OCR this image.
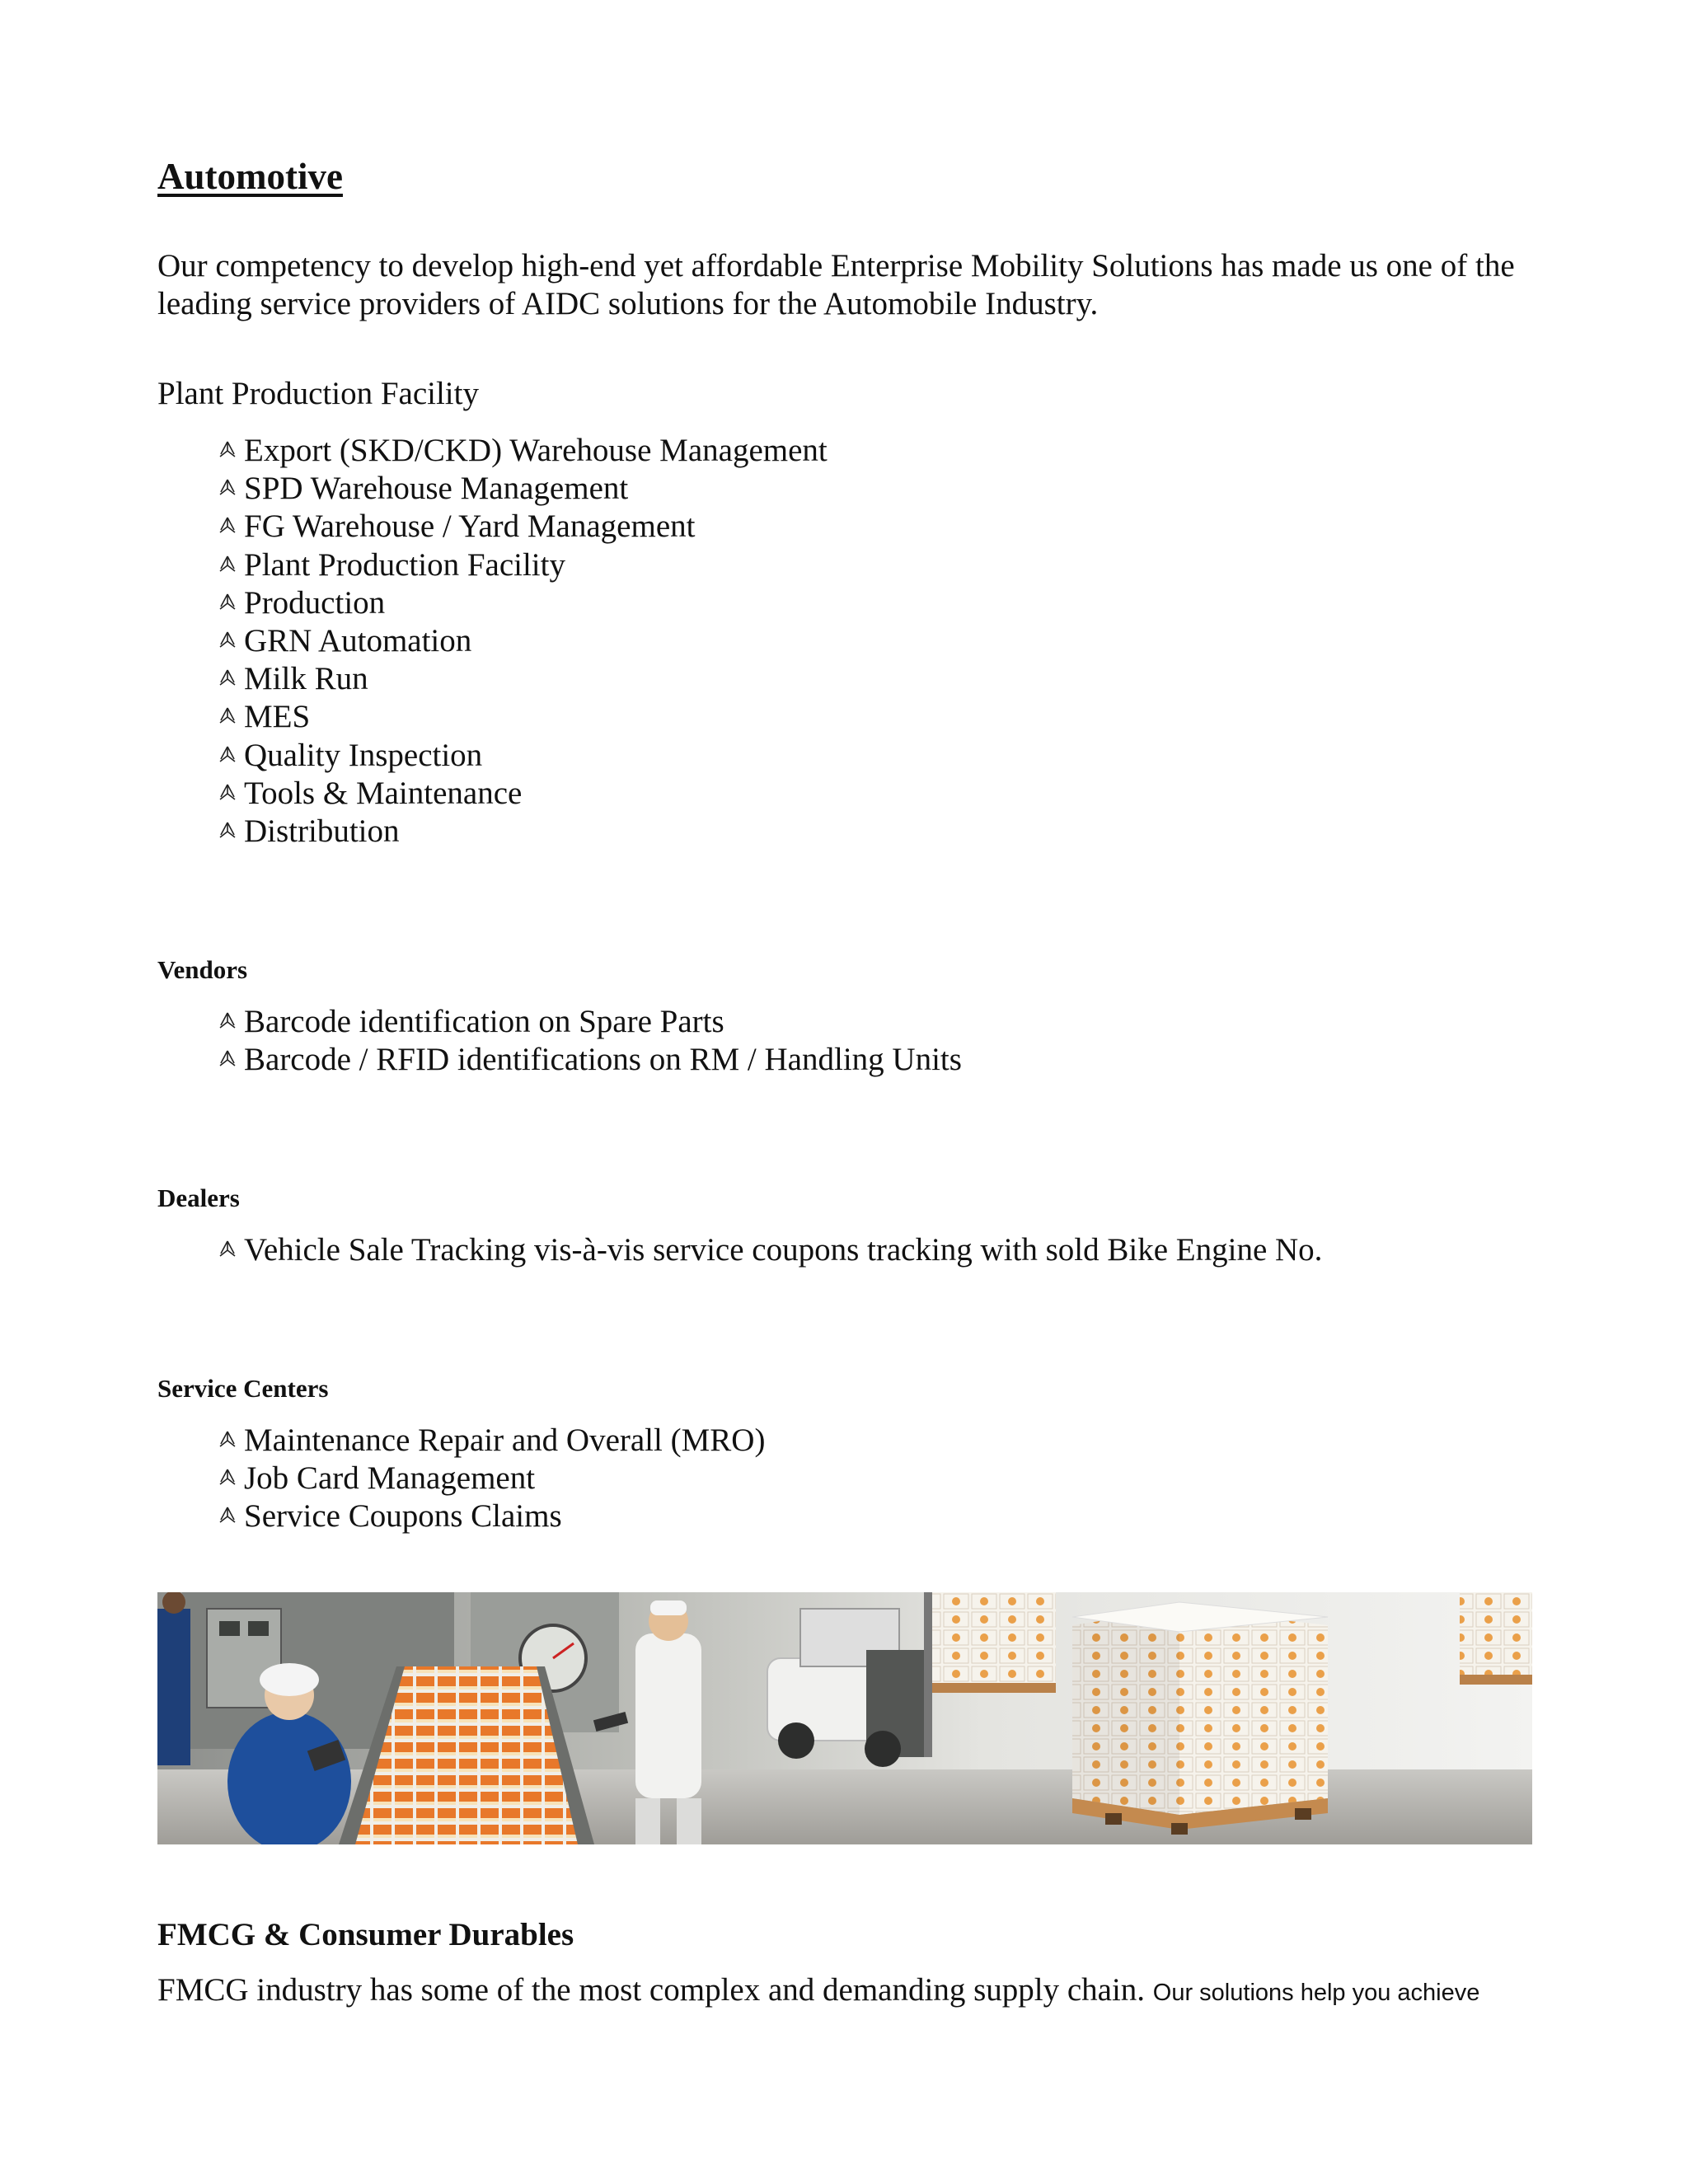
Automotive

Our competency to develop high-end yet affordable Enterprise Mobility Solutions has made us one of the leading service providers of AIDC solutions for the Automobile Industry.

Plant Production Facility

Export (SKD/CKD) Warehouse Management
SPD Warehouse Management
FG Warehouse / Yard Management
Plant Production Facility
Production
GRN Automation
Milk Run
MES
Quality Inspection
Tools & Maintenance
Distribution

Vendors

Barcode identification on Spare Parts
Barcode / RFID identifications on RM / Handling Units

Dealers

Vehicle Sale Tracking vis-à-vis service coupons tracking with sold Bike Engine No.

Service Centers

Maintenance Repair and Overall (MRO)
Job Card Management
Service Coupons Claims

FMCG & Consumer Durables

FMCG industry has some of the most complex and demanding supply chain. Our solutions help you achieve
